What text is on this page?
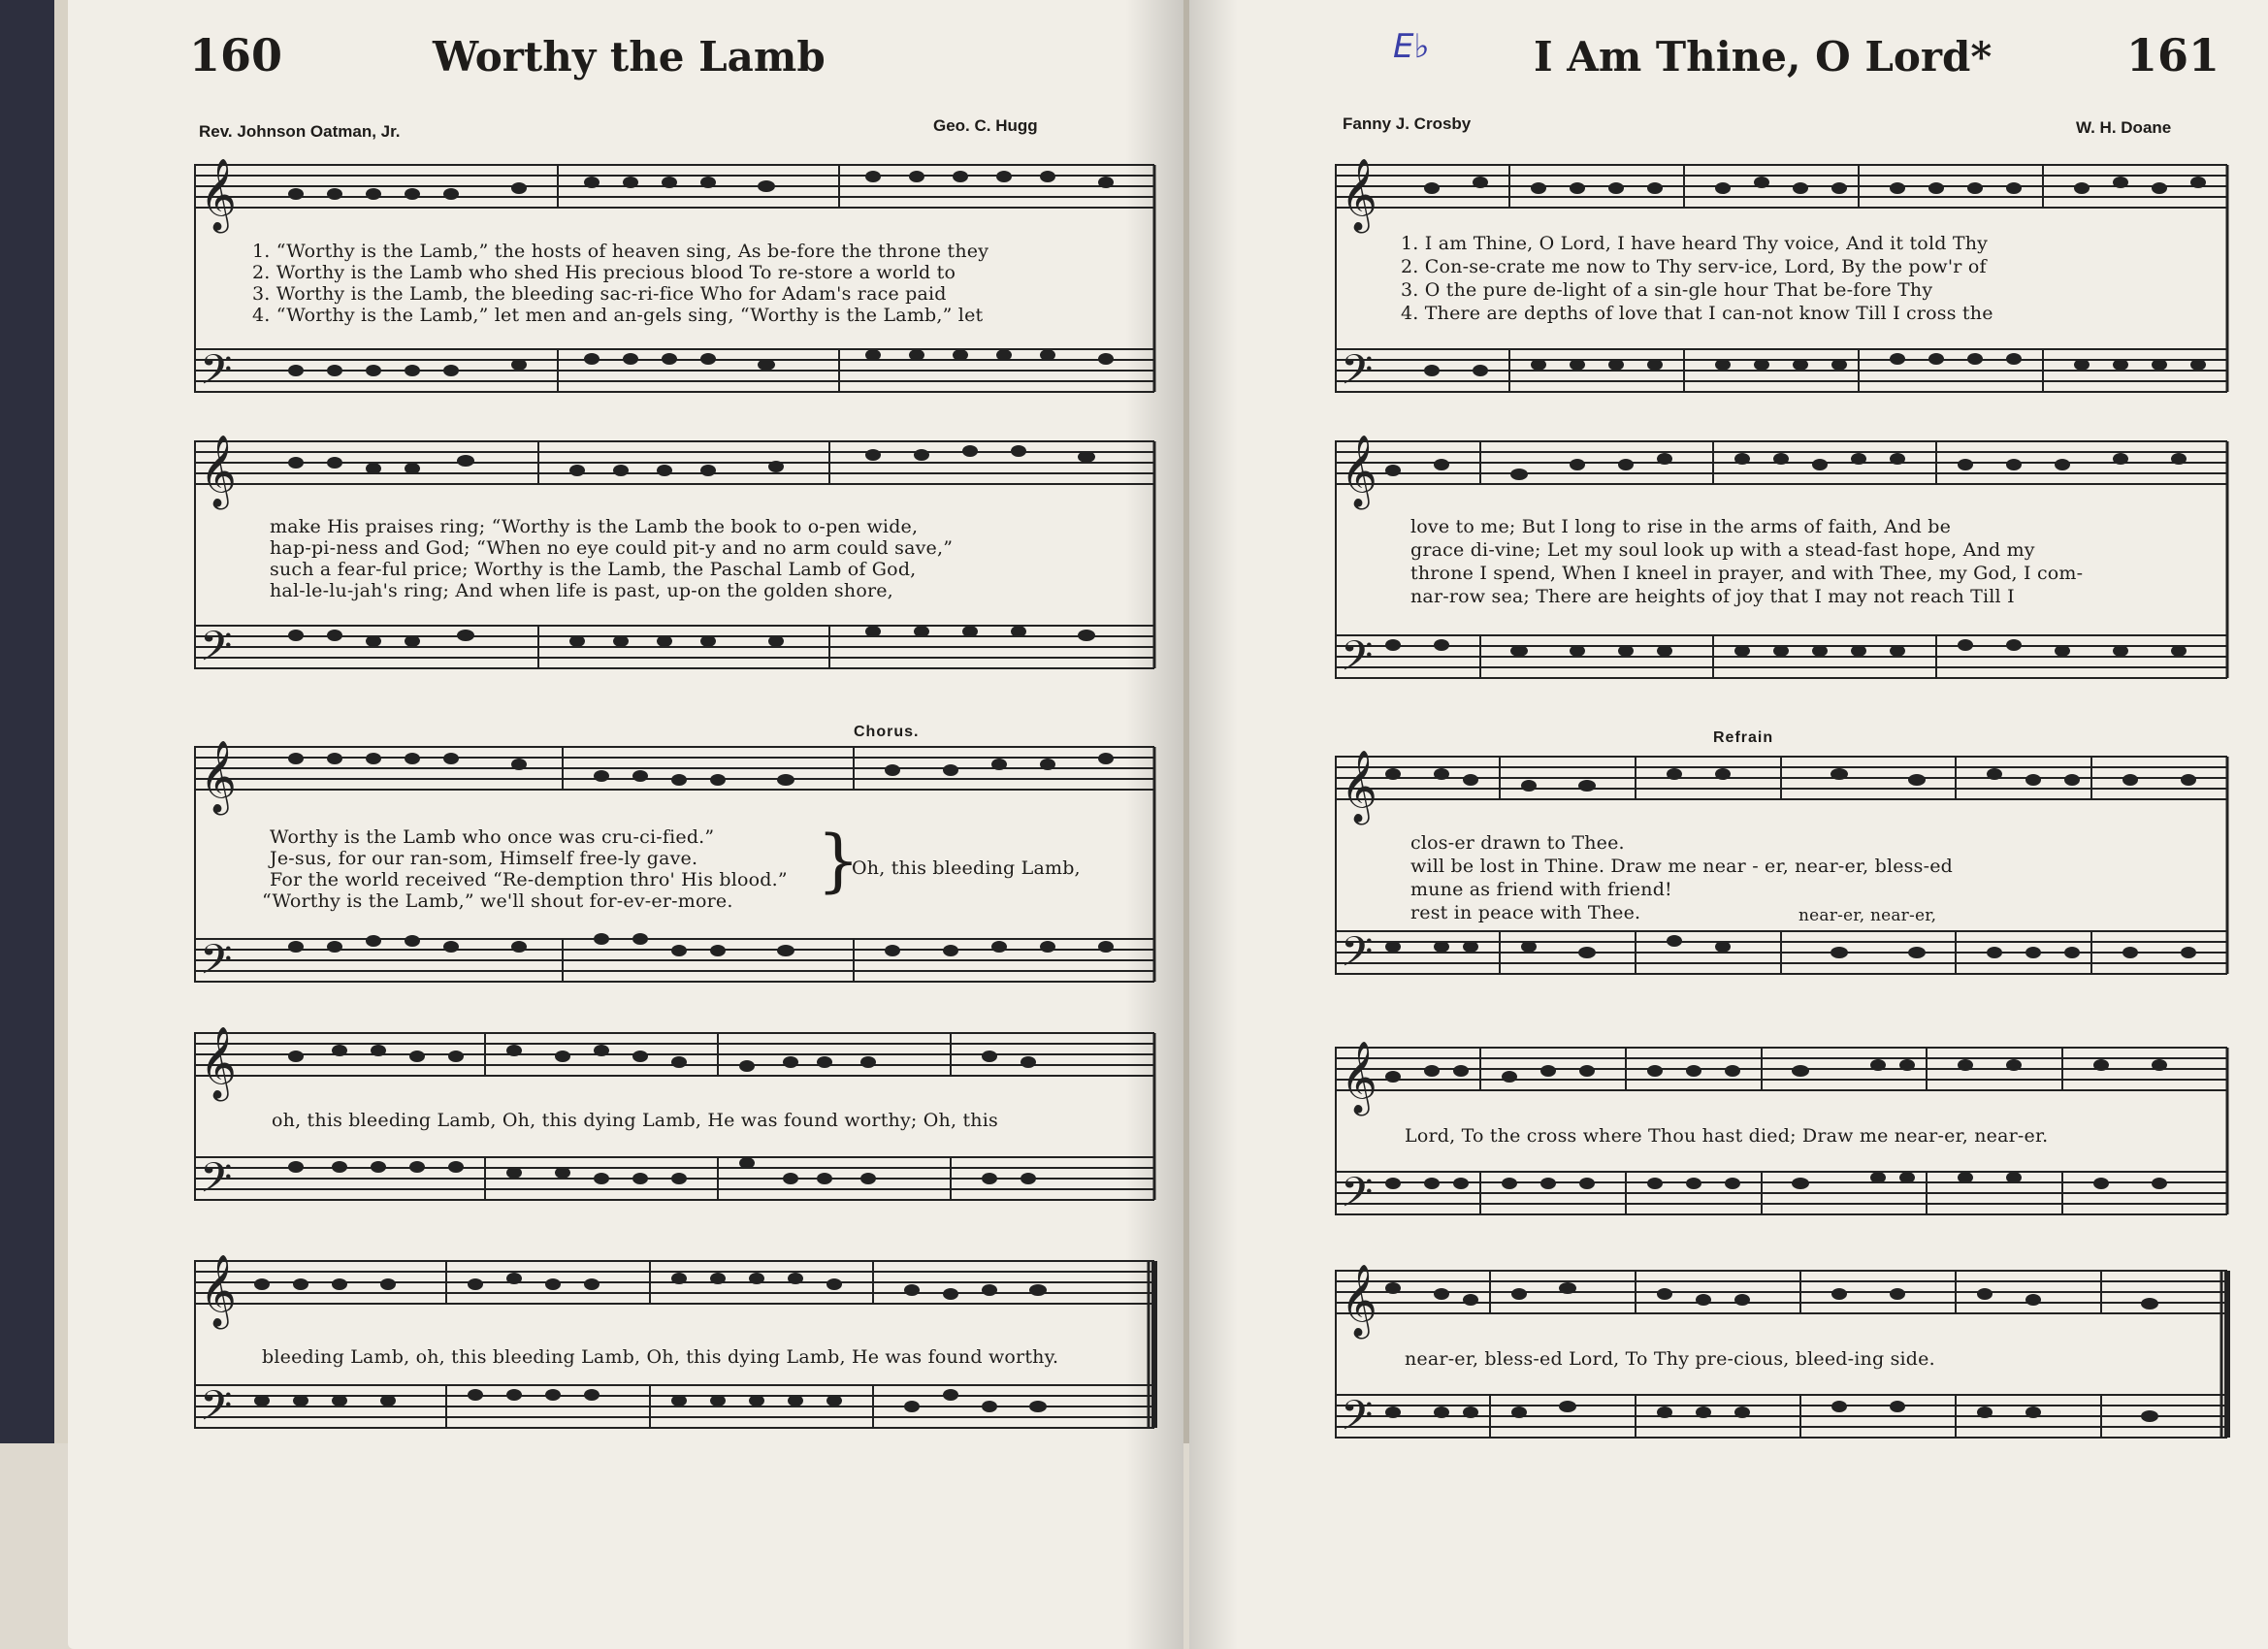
160	Worthy the Lamb
Rev. Johnson Oatman, Jr.	Geo. C. Hugg
𝄞
𝄞
𝄞
𝄞
𝄞
𝄢
𝄢
𝄢
𝄢
𝄢
1. “Worthy is the Lamb,” the hosts of heaven sing, As be-fore the throne they
2. Worthy is the Lamb who shed His precious blood To re-store a world to
3. Worthy is the Lamb, the bleeding sac-ri-fice Who for Adam's race paid
4. “Worthy is the Lamb,” let men and an-gels sing, “Worthy is the Lamb,” let
make His praises ring; “Worthy is the Lamb the book to o-pen wide,
hap-pi-ness and God; “When no eye could pit-y and no arm could save,”
such a fear-ful price; Worthy is the Lamb, the Paschal Lamb of God,
hal-le-lu-jah's ring; And when life is past, up-on the golden shore,
Chorus.
Worthy is the Lamb who once was cru-ci-fied.”
Je-sus, for our ran-som, Himself free-ly gave.
For the world received “Re-demption thro' His blood.”
“Worthy is the Lamb,” we'll shout for-ev-er-more.
}
Oh, this bleeding Lamb,
oh, this bleeding Lamb, Oh, this dying Lamb, He was found worthy; Oh, this
bleeding Lamb, oh, this bleeding Lamb, Oh, this dying Lamb, He was found worthy.
E♭	I Am Thine, O Lord*	161
Fanny J. Crosby	W. H. Doane
𝄞
𝄞
𝄞
𝄞
𝄞
𝄢
𝄢
𝄢
𝄢
𝄢
1. I am Thine, O Lord, I have heard Thy voice, And it told Thy
2. Con-se-crate me now to Thy serv-ice, Lord, By the pow'r of
3. O the pure de-light of a sin-gle hour That be-fore Thy
4. There are depths of love that I can-not know Till I cross the
love to me; But I long to rise in the arms of faith, And be
grace di-vine; Let my soul look up with a stead-fast hope, And my
throne I spend, When I kneel in prayer, and with Thee, my God, I com-
nar-row sea; There are heights of joy that I may not reach Till I
Refrain
clos-er drawn to Thee.
will be lost in Thine. Draw me near - er, near-er, bless-ed
mune as friend with friend!
rest in peace with Thee.	near-er, near-er,
Lord, To the cross where Thou hast died; Draw me near-er, near-er.
near-er, bless-ed Lord, To Thy pre-cious, bleed-ing side.
